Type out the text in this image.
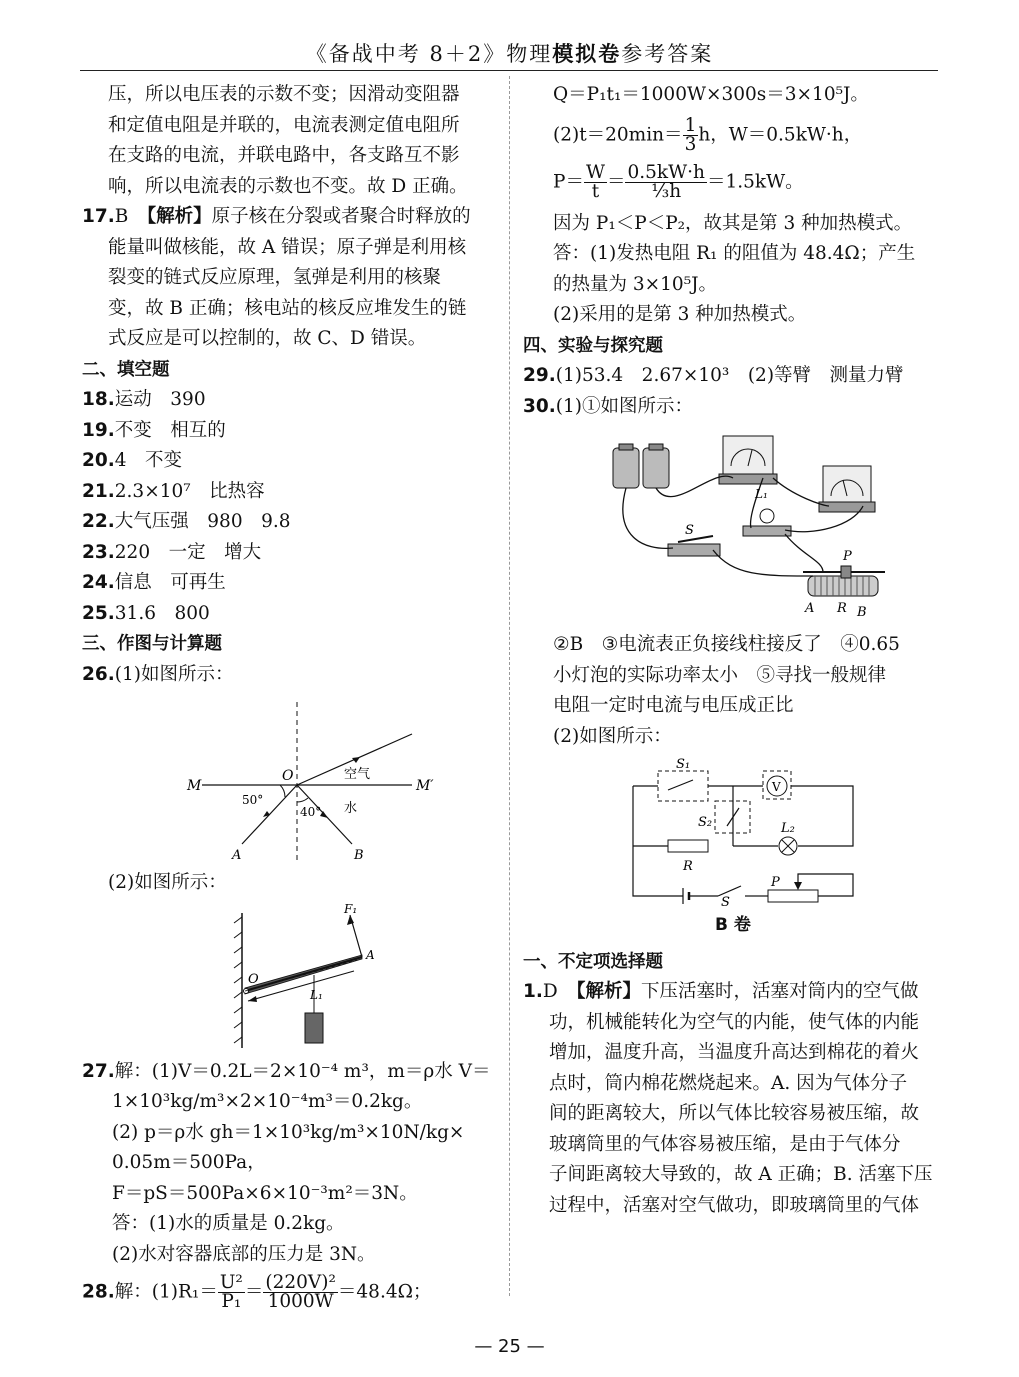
《备战中考 8＋2》物理模拟卷参考答案

压，所以电压表的示数不变；因滑动变阻器

和定值电阻是并联的，电流表测定值电阻所

在支路的电流，并联电路中，各支路互不影

响，所以电流表的示数也不变。故 D 正确。

17.B　 【解析】原子核在分裂或者聚合时释放的

能量叫做核能，故 A 错误；原子弹是利用核

裂变的链式反应原理，氢弹是利用的核聚

变，故 B 正确；核电站的核反应堆发生的链

式反应是可以控制的，故 C、D 错误。

二、填空题

18.运动　390

19.不变　相互的

20.4　不变

21.2.3×10⁷　比热容

22.大气压强　980　9.8

23.220　一定　增大

24.信息　可再生

25.31.6　800

三、作图与计算题

26.(1)如图所示：

M	M′
O	空气
水
50°
40°
A	B

(2)如图所示：

F₁
A
O
L₁

27.解：(1)V＝0.2L＝2×10⁻⁴ m³，m＝ρ水 V＝

1×10³kg/m³×2×10⁻⁴m³＝0.2kg。

(2) p＝ρ水 gh＝1×10³kg/m³×10N/kg×

0.05m＝500Pa，

F＝pS＝500Pa×6×10⁻³m²＝3N。

答：(1)水的质量是 0.2kg。

(2)水对容器底部的压力是 3N。

28.解：$(1)R_1= \frac{\text{U²}}{\text{P₁}} = \frac{\text{(220V)²}}{1000W} =48.4\Omega$；

Q＝P₁t₁＝1000W×300s＝3×10⁵J。

$(2)t=20\min= \frac{1}{3}$ h，W＝0.5kW·h，

$P= \frac{W}{t} = \frac{0.5kW\cdot h}{\text{⅓h}} =1.5kW$。

因为 P₁＜P＜P₂，故其是第 3 种加热模式。

答：(1)发热电阻 R₁ 的阻值为 48.4Ω；产生

的热量为 3×10⁵J。

(2)采用的是第 3 种加热模式。

四、实验与探究题

29.(1)53.4　2.67×10³　(2)等臂　测量力臂

30.(1)①如图所示：

L₁
S
P
A R B

②B　③电流表正负接线柱接反了　④0.65

小灯泡的实际功率太小　⑤寻找一般规律

电阻一定时电流与电压成正比

(2)如图所示：

V
S₁
S₂	L₂
R
P
S

B 卷

一、不定项选择题

1.D　 【解析】下压活塞时，活塞对筒内的空气做

功，机械能转化为空气的内能，使气体的内能

增加，温度升高，当温度升高达到棉花的着火

点时，筒内棉花燃烧起来。A. 因为气体分子

间的距离较大，所以气体比较容易被压缩，故

玻璃筒里的气体容易被压缩，是由于气体分

子间距离较大导致的，故 A 正确；B. 活塞下压

过程中，活塞对空气做功，即玻璃筒里的气体

— 25 —
